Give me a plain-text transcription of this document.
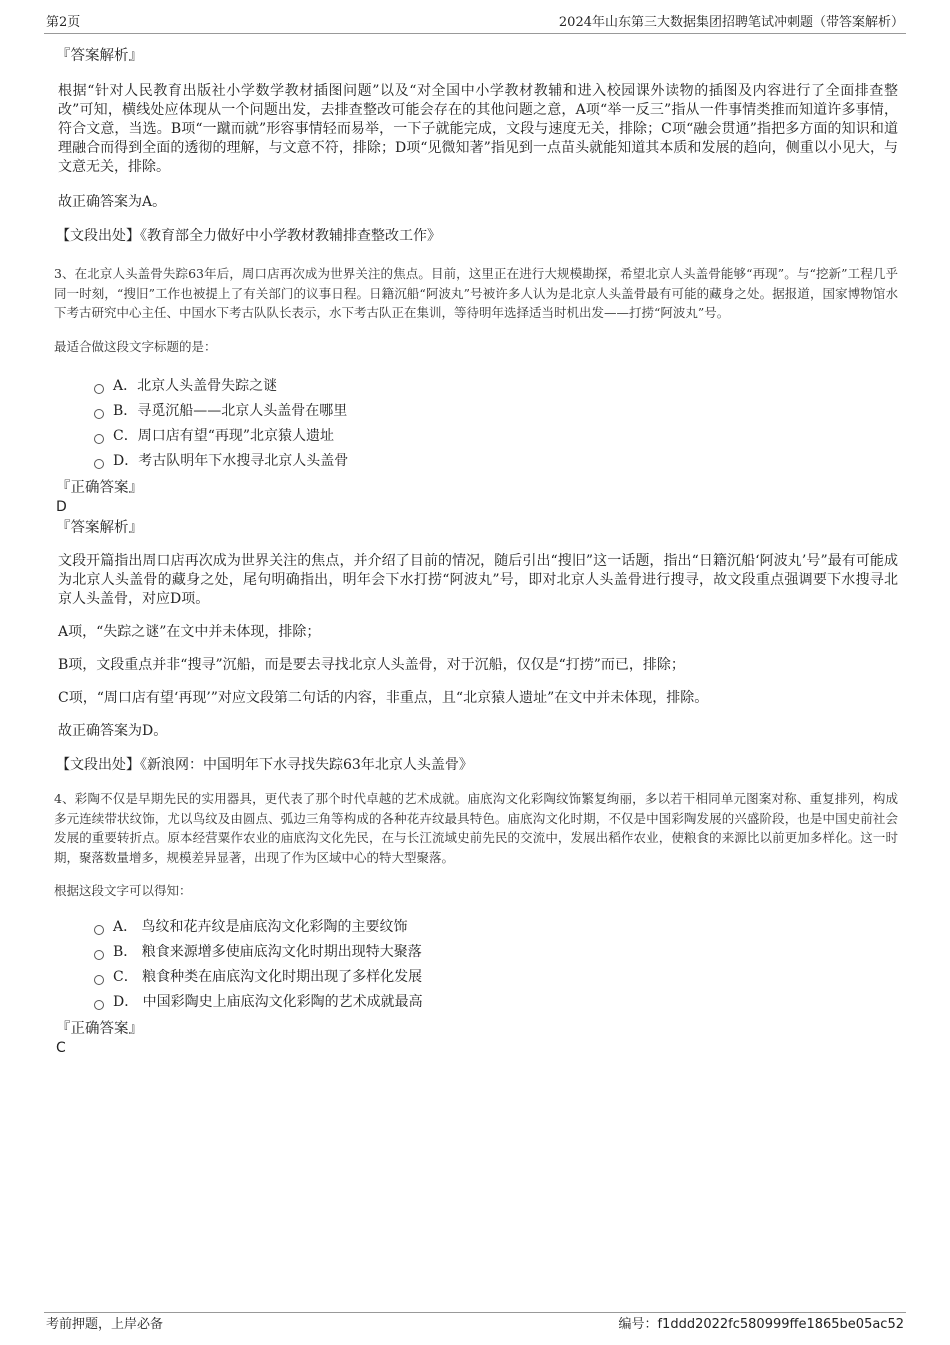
第2页	2024年山东第三大数据集团招聘笔试冲刺题（带答案解析）

『答案解析』

根据“针对人民教育出版社小学数学教材插图问题”以及“对全国中小学教材教辅和进入校园课外读物的插图及内容进行了全面排查整改”可知，横线处应体现从一个问题出发，去排查整改可能会存在的其他问题之意，A项“举一反三”指从一件事情类推而知道许多事情，符合文意，当选。B项“一蹴而就”形容事情轻而易举，一下子就能完成，文段与速度无关，排除；C项“融会贯通”指把多方面的知识和道理融合而得到全面的透彻的理解，与文意不符，排除；D项“见微知著”指见到一点苗头就能知道其本质和发展的趋向，侧重以小见大，与文意无关，排除。

故正确答案为A。

【文段出处】《教育部全力做好中小学教材教辅排查整改工作》

3、在北京人头盖骨失踪63年后，周口店再次成为世界关注的焦点。目前，这里正在进行大规模勘探，希望北京人头盖骨能够“再现”。与“挖新”工程几乎同一时刻，“搜旧”工作也被提上了有关部门的议事日程。日籍沉船“阿波丸”号被许多人认为是北京人头盖骨最有可能的藏身之处。据报道，国家博物馆水下考古研究中心主任、中国水下考古队队长表示，水下考古队正在集训，等待明年选择适当时机出发——打捞“阿波丸”号。

最适合做这段文字标题的是：

A．北京人头盖骨失踪之谜
B．寻觅沉船——北京人头盖骨在哪里
C．周口店有望“再现”北京猿人遗址
D．考古队明年下水搜寻北京人头盖骨

『正确答案』

D

『答案解析』

文段开篇指出周口店再次成为世界关注的焦点，并介绍了目前的情况，随后引出“搜旧”这一话题，指出“日籍沉船‘阿波丸’号”最有可能成为北京人头盖骨的藏身之处，尾句明确指出，明年会下水打捞“阿波丸”号，即对北京人头盖骨进行搜寻，故文段重点强调要下水搜寻北京人头盖骨，对应D项。

A项，“失踪之谜”在文中并未体现，排除；

B项，文段重点并非“搜寻”沉船，而是要去寻找北京人头盖骨，对于沉船，仅仅是“打捞”而已，排除；

C项，“周口店有望‘再现’”对应文段第二句话的内容，非重点，且“北京猿人遗址”在文中并未体现，排除。

故正确答案为D。

【文段出处】《新浪网：中国明年下水寻找失踪63年北京人头盖骨》

4、彩陶不仅是早期先民的实用器具，更代表了那个时代卓越的艺术成就。庙底沟文化彩陶纹饰繁复绚丽，多以若干相同单元图案对称、重复排列，构成多元连续带状纹饰，尤以鸟纹及由圆点、弧边三角等构成的各种花卉纹最具特色。庙底沟文化时期，不仅是中国彩陶发展的兴盛阶段，也是中国史前社会发展的重要转折点。原本经营粟作农业的庙底沟文化先民，在与长江流域史前先民的交流中，发展出稻作农业，使粮食的来源比以前更加多样化。这一时期，聚落数量增多，规模差异显著，出现了作为区域中心的特大型聚落。

根据这段文字可以得知：

A． 鸟纹和花卉纹是庙底沟文化彩陶的主要纹饰
B． 粮食来源增多使庙底沟文化时期出现特大聚落
C． 粮食种类在庙底沟文化时期出现了多样化发展
D． 中国彩陶史上庙底沟文化彩陶的艺术成就最高

『正确答案』

C

考前押题，上岸必备	编号：f1ddd2022fc580999ffe1865be05ac52
